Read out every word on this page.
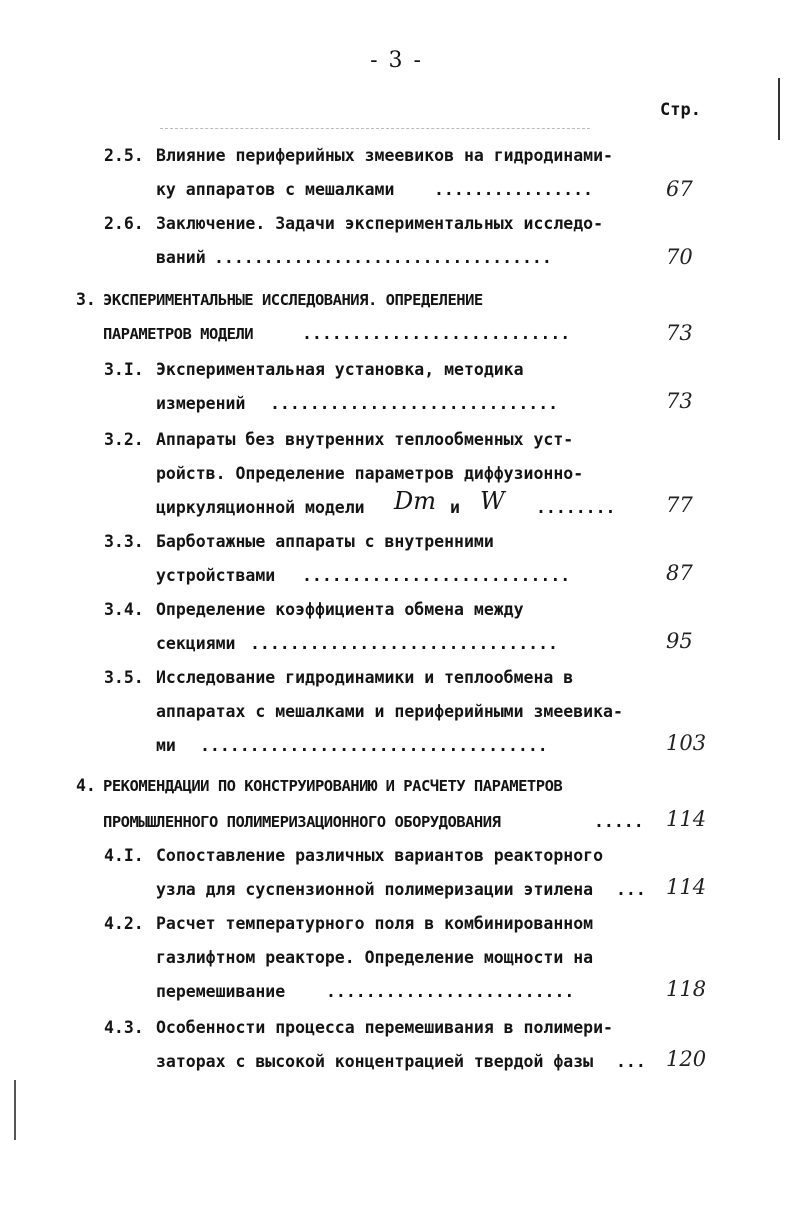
- 3 -
Стр.
2.5. Влияние периферийных змеевиков на гидродинами-
ку аппаратов с мешалками ................	67
2.6. Заключение. Задачи экспериментальных исследо-
ваний ..................................	70
3. ЭКСПЕРИМЕНТАЛЬНЫЕ ИССЛЕДОВАНИЯ. ОПРЕДЕЛЕНИЕ
ПАРАМЕТРОВ МОДЕЛИ	...........................	73
3.I. Экспериментальная установка, методика
измерений .............................	73
3.2. Аппараты без внутренних теплообменных уст-
ройств. Определение параметров диффузионно-
циркуляционной модели Dт и W ........	77
3.3. Барботажные аппараты с внутренними
устройствами ...........................	87
3.4. Определение коэффициента обмена между
секциями ...............................	95
3.5. Исследование гидродинамики и теплообмена в
аппаратах с мешалками и периферийными змеевика-
ми ...................................	103
4. РЕКОМЕНДАЦИИ ПО КОНСТРУИРОВАНИЮ И РАСЧЕТУ ПАРАМЕТРОВ
ПРОМЫШЛЕННОГО ПОЛИМЕРИЗАЦИОННОГО ОБОРУДОВАНИЯ	.....	114
4.I. Сопоставление различных вариантов реакторного
узла для суспензионной полимеризации этилена ... 114
4.2. Расчет температурного поля в комбинированном
газлифтном реакторе. Определение мощности на
перемешивание .........................	118
4.3. Особенности процесса перемешивания в полимери-
заторах с высокой концентрацией твердой фазы ... 120
